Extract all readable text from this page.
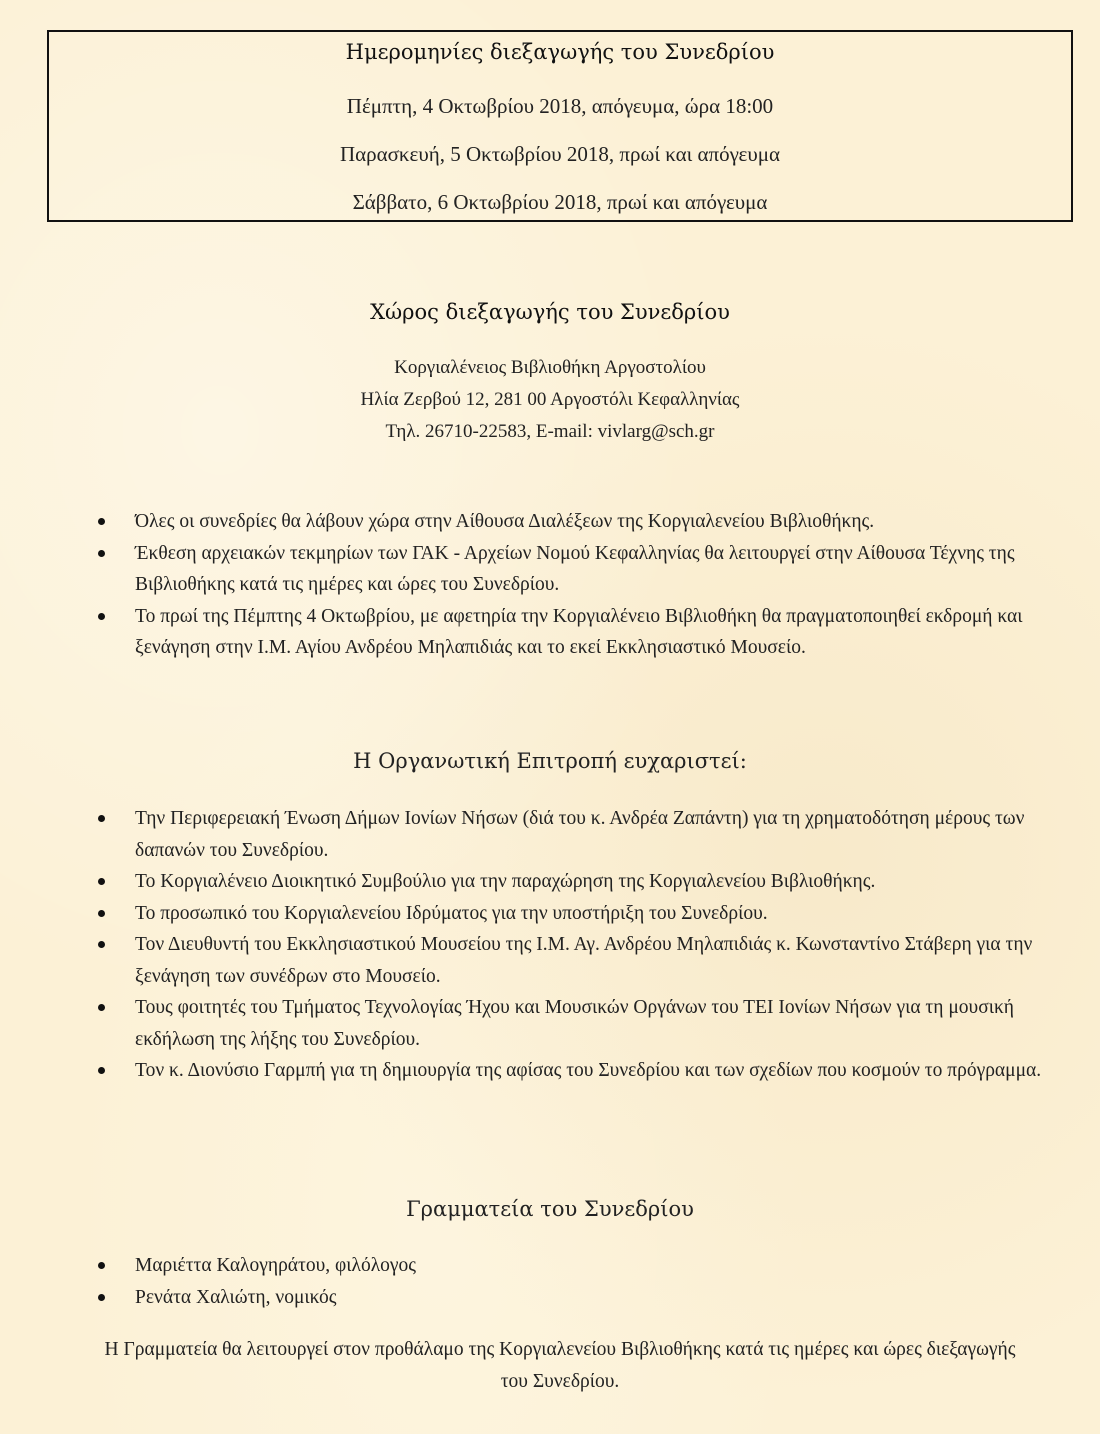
Ημερομηνίες διεξαγωγής του Συνεδρίου
Πέμπτη, 4 Οκτωβρίου 2018, απόγευμα, ώρα 18:00
Παρασκευή, 5 Οκτωβρίου 2018, πρωί και απόγευμα
Σάββατο, 6 Οκτωβρίου 2018, πρωί και απόγευμα
Χώρος διεξαγωγής του Συνεδρίου
Κοργιαλένειος Βιβλιοθήκη Αργοστολίου
Ηλία Ζερβού 12, 281 00 Αργοστόλι Κεφαλληνίας
Τηλ. 26710-22583, E-mail: vivlarg@sch.gr
Όλες οι συνεδρίες θα λάβουν χώρα στην Αίθουσα Διαλέξεων της Κοργιαλενείου Βιβλιοθήκης.
Έκθεση αρχειακών τεκμηρίων των ΓΑΚ - Αρχείων Νομού Κεφαλληνίας θα λειτουργεί στην Αίθουσα Τέχνης της Βιβλιοθήκης κατά τις ημέρες και ώρες του Συνεδρίου.
Το πρωί της Πέμπτης 4 Οκτωβρίου, με αφετηρία την Κοργιαλένειο Βιβλιοθήκη θα πραγματοποιηθεί εκδρομή και ξενάγηση στην Ι.Μ. Αγίου Ανδρέου Μηλαπιδιάς και το εκεί Εκκλησιαστικό Μουσείο.
Η Οργανωτική Επιτροπή ευχαριστεί:
Την Περιφερειακή Ένωση Δήμων Ιονίων Νήσων (διά του κ. Ανδρέα Ζαπάντη) για τη χρηματοδότηση μέρους των δαπανών του Συνεδρίου.
Το Κοργιαλένειο Διοικητικό Συμβούλιο για την παραχώρηση της Κοργιαλενείου Βιβλιοθήκης.
Το προσωπικό του Κοργιαλενείου Ιδρύματος για την υποστήριξη του Συνεδρίου.
Τον Διευθυντή του Εκκλησιαστικού Μουσείου της Ι.Μ. Αγ. Ανδρέου Μηλαπιδιάς κ. Κωνσταντίνο Στάβερη για την ξενάγηση των συνέδρων στο Μουσείο.
Τους φοιτητές του Τμήματος Τεχνολογίας Ήχου και Μουσικών Οργάνων του ΤΕΙ Ιονίων Νήσων για τη μουσική εκδήλωση της λήξης του Συνεδρίου.
Τον κ. Διονύσιο Γαρμπή για τη δημιουργία της αφίσας του Συνεδρίου και των σχεδίων που κοσμούν το πρόγραμμα.
Γραμματεία του Συνεδρίου
Μαριέττα Καλογηράτου, φιλόλογος
Ρενάτα Χαλιώτη, νομικός
Η Γραμματεία θα λειτουργεί στον προθάλαμο της Κοργιαλενείου Βιβλιοθήκης κατά τις ημέρες και ώρες διεξαγωγής του Συνεδρίου.
